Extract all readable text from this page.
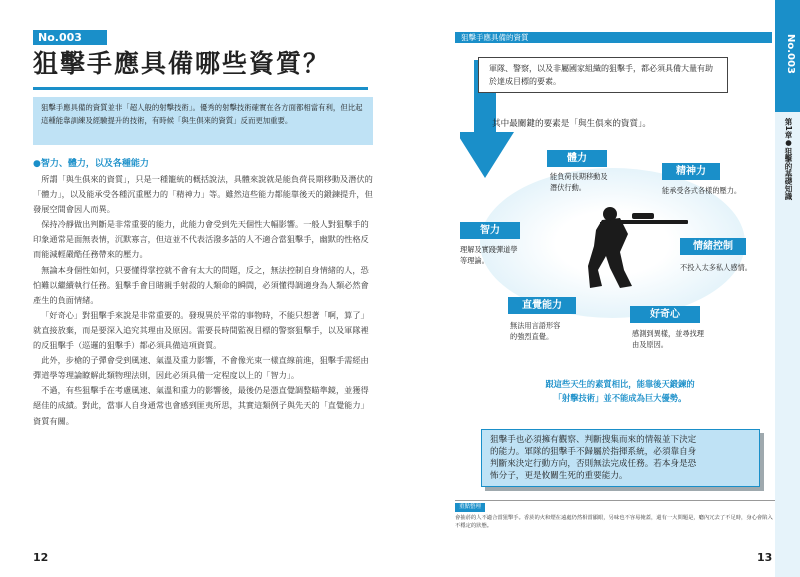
No.003
狙擊手應具備哪些資質？
狙擊手應具備的資質並非「超人般的射擊技術」。優秀的射擊技術確實在各方面都相當有利，但比起這種能靠訓練及經驗提升的技術，有時候「與生俱來的資質」反而更加重要。
●智力、體力，以及各種能力

所謂「與生俱來的資質」，只是一種籠統的概括說法，具體來說就是能負荷長期移動及潛伏的「體力」，以及能承受各種沉重壓力的「精神力」等。雖然這些能力都能靠後天的鍛鍊提升，但發展空間會因人而異。

保持冷靜做出判斷是非常重要的能力，此能力會受到先天個性大幅影響。一般人對狙擊手的印象通常是面無表情，沉默寡言，但這並不代表活潑多話的人不適合當狙擊手，幽默的性格反而能減輕嚴酷任務帶來的壓力。

無論本身個性如何，只要懂得掌控就不會有太大的問題，反之，無法控制自身情緒的人，恐怕難以繼續執行任務。狙擊手會目睹親手射殺的人類命的瞬間，必須懂得調適身為人類必然會產生的負面情緒。

「好奇心」對狙擊手來說是非常重要的。發現異於平常的事物時，不能只想著「啊，算了」就直接放棄，而是要深入追究其理由及原因。需要長時間監視目標的警察狙擊手，以及軍隊裡的反狙擊手（巡邏的狙擊手）都必須具備這項資質。

此外，步槍的子彈會受到風速、氣溫及重力影響，不會像光束一樣直線前進，狙擊手需經由彈道學等理論瞭解此類物理法則，因此必須具備一定程度以上的「智力」。

不過，有些狙擊手在考慮風速、氣溫和重力的影響後，最後仍是憑直覺調整瞄準鏡，並獲得絕佳的成績。對此，當事人自身通常也會感到匪夷所思，其實這類例子與先天的「直覺能力」資質有關。

12
狙擊手應具備的資質
軍隊、警察，以及非屬國家組織的狙擊手，都必須具備大量有助於達成目標的要素。
其中最關鍵的要素是「與生俱來的資質」。
體力
能負荷長期移動及
潛伏行動。
精神力
能承受各式各樣的壓力。
智力
理解及實踐彈道學
等理論。
情緒控制
不投入太多私人感情。
直覺能力
無法用言語形容
的強烈直覺。
好奇心
感測到異樣，並尋找理
由及原因。
跟這些天生的素質相比，能靠後天鍛鍊的
「射擊技術」並不能成為巨大優勢。
狙擊手也必須擁有觀察、判斷搜集而來的情報並下決定
的能力。軍隊的狙擊手不歸屬於指揮系統，必須靠自身
判斷來決定行動方向，否則無法完成任務。若本身是恐
怖分子，更是攸關生死的重要能力。
重點整理
會抽菸的人不適合當狙擊手。香菸的火和煙在遠處仍然相當顯眼，另味也不容易掩蓋，還有一大問題是，癮內冗去了不足時，身心會陷入不穩定的狀態。
13
No.003
第1章●狙擊的基礎知識
